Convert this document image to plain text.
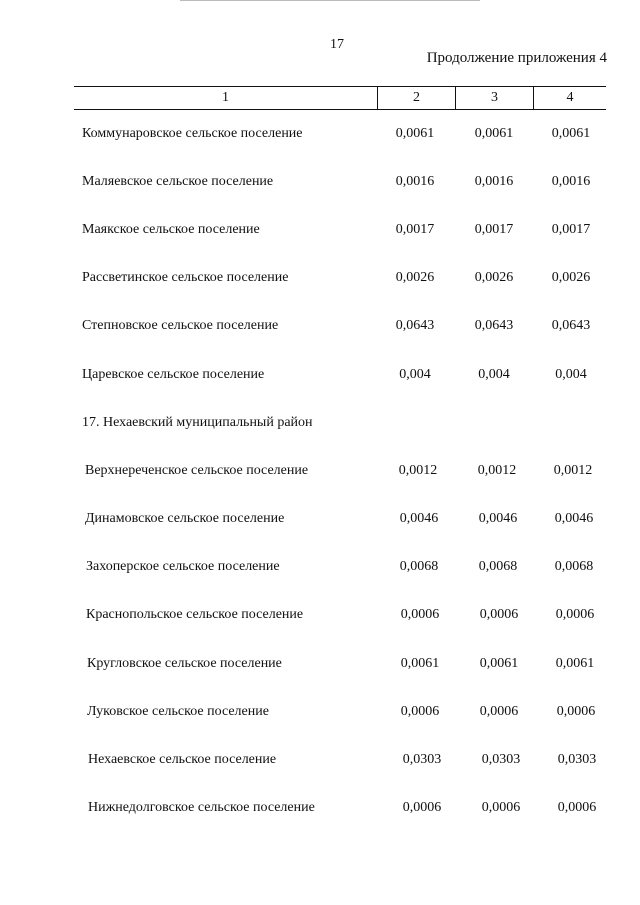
17
Продолжение приложения 4
1	2	3	4
Коммунаровское сельское поселение	0,0061	0,0061	0,0061
Маляевское сельское поселение	0,0016	0,0016	0,0016
Маякское сельское поселение	0,0017	0,0017	0,0017
Рассветинское сельское поселение	0,0026	0,0026	0,0026
Степновское сельское поселение	0,0643	0,0643	0,0643
Царевское сельское поселение	0,004	0,004	0,004
17. Нехаевский муниципальный район
Верхнереченское сельское поселение	0,0012	0,0012	0,0012
Динамовское сельское поселение	0,0046	0,0046	0,0046
Захоперское сельское поселение	0,0068	0,0068	0,0068
Краснопольское сельское поселение	0,0006	0,0006	0,0006
Кругловское сельское поселение	0,0061	0,0061	0,0061
Луковское сельское поселение	0,0006	0,0006	0,0006
Нехаевское сельское поселение	0,0303	0,0303	0,0303
Нижнедолговское сельское поселение	0,0006	0,0006	0,0006
